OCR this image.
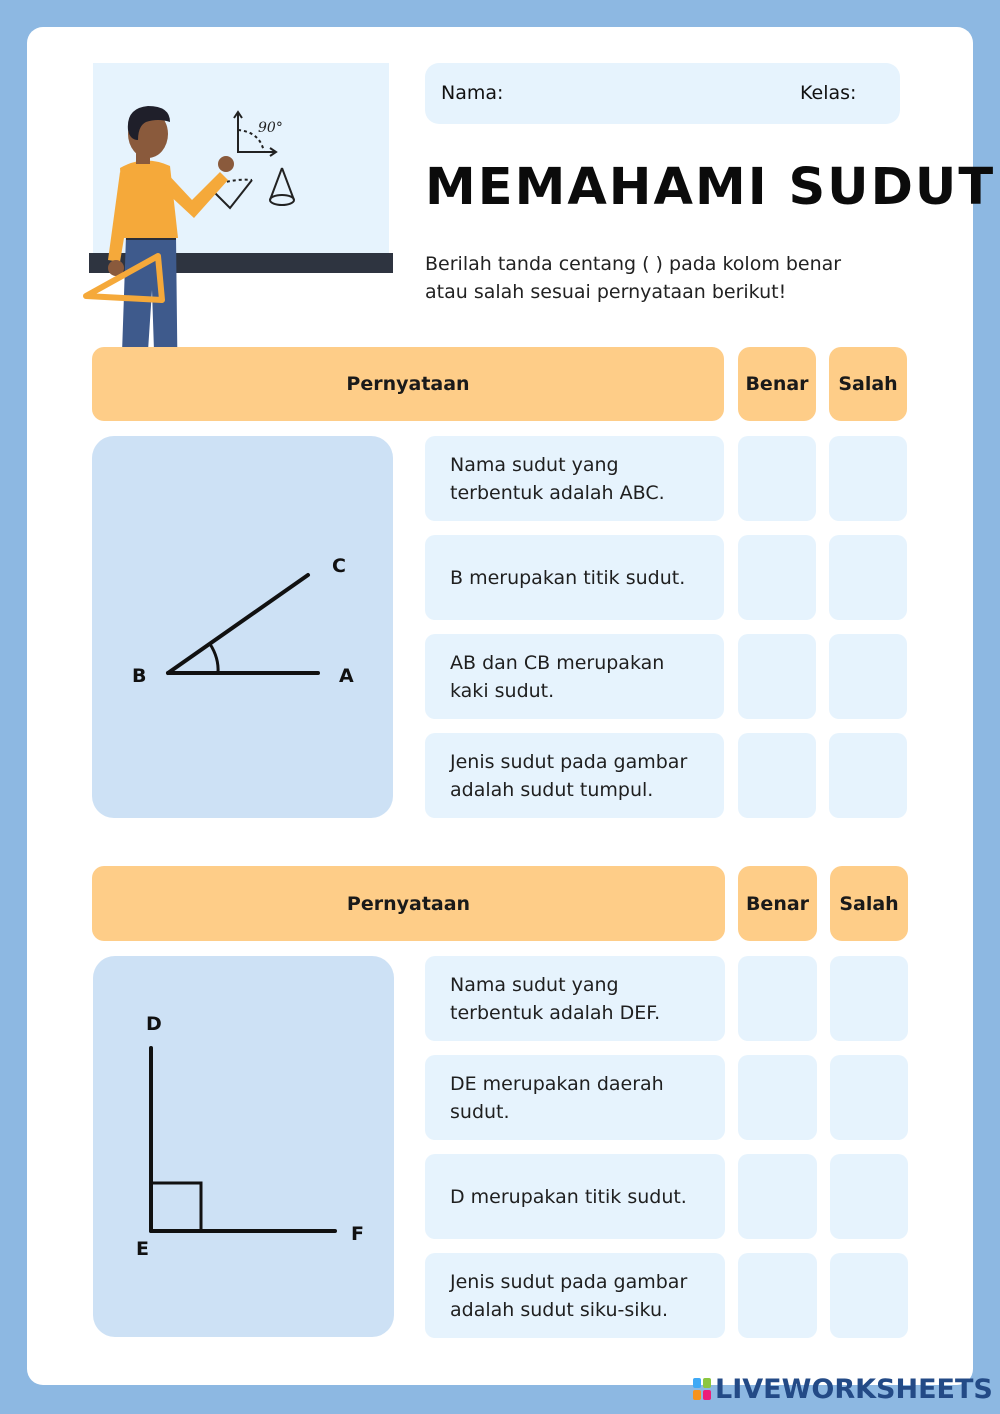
90°
Nama:	Kelas:
MEMAHAMI SUDUT
Berilah tanda centang ( ) pada kolom benar atau salah sesuai pernyataan berikut!
Pernyataan	Benar	Salah
B	A
C
Nama sudut yang terbentuk adalah ABC.
B merupakan titik sudut.
AB dan CB merupakan kaki sudut.
Jenis sudut pada gambar adalah sudut tumpul.
Pernyataan	Benar	Salah
D
E
F
Nama sudut yang terbentuk adalah DEF.
DE merupakan daerah sudut.
D merupakan titik sudut.
Jenis sudut pada gambar adalah sudut siku-siku.
LIVEWORKSHEETS
